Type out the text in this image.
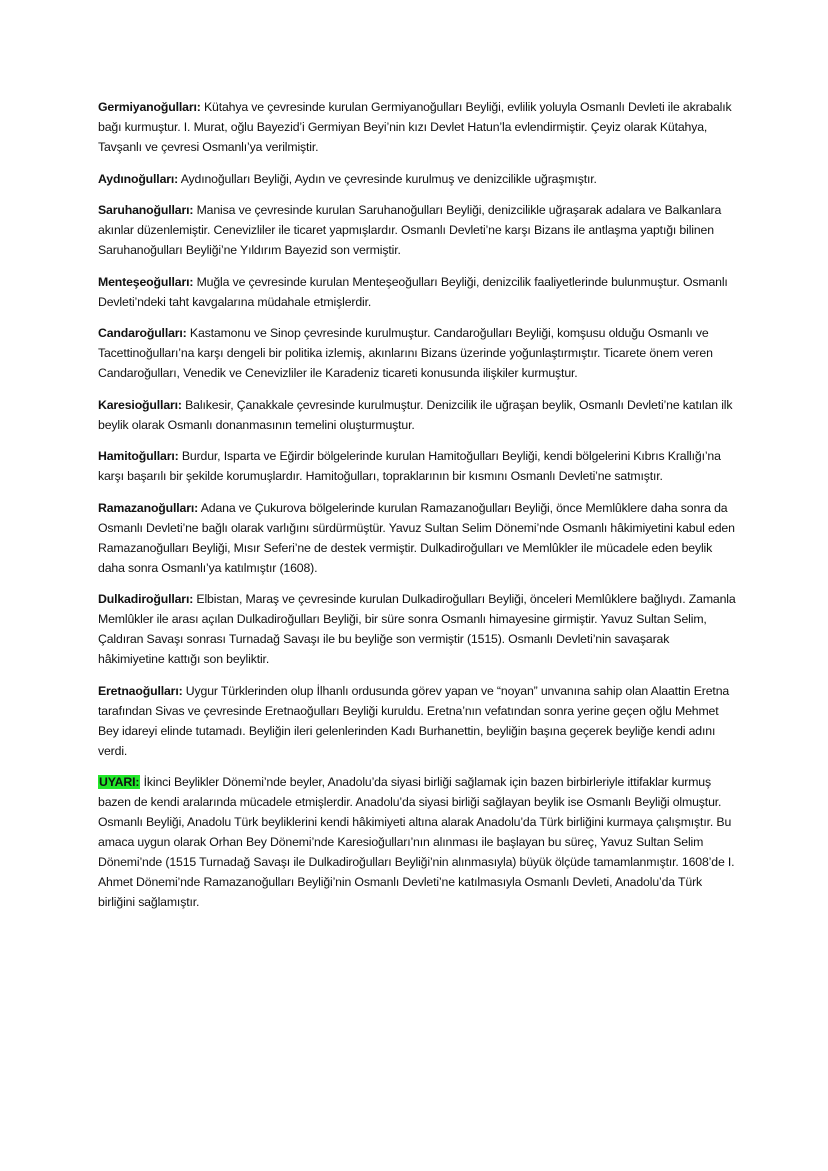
Germiyanoğulları: Kütahya ve çevresinde kurulan Germiyanoğulları Beyliği, evlilik yoluyla Osmanlı Devleti ile akrabalık bağı kurmuştur. I. Murat, oğlu Bayezid’i Germiyan Beyi’nin kızı Devlet Hatun’la evlendirmiştir. Çeyiz olarak Kütahya, Tavşanlı ve çevresi Osmanlı’ya verilmiştir.

Aydınoğulları: Aydınoğulları Beyliği, Aydın ve çevresinde kurulmuş ve denizcilikle uğraşmıştır.

Saruhanoğulları: Manisa ve çevresinde kurulan Saruhanoğulları Beyliği, denizcilikle uğraşarak adalara ve Balkanlara akınlar düzenlemiştir. Cenevizliler ile ticaret yapmışlardır. Osmanlı Devleti’ne karşı Bizans ile antlaşma yaptığı bilinen Saruhanoğulları Beyliği’ne Yıldırım Bayezid son vermiştir.

Menteşeoğulları: Muğla ve çevresinde kurulan Menteşeoğulları Beyliği, denizcilik faaliyetlerinde bulunmuştur. Osmanlı Devleti’ndeki taht kavgalarına müdahale etmişlerdir.

Candaroğulları: Kastamonu ve Sinop çevresinde kurulmuştur. Candaroğulları Beyliği, komşusu olduğu Osmanlı ve Tacettinoğulları’na karşı dengeli bir politika izlemiş, akınlarını Bizans üzerinde yoğunlaştırmıştır. Ticarete önem veren Candaroğulları, Venedik ve Cenevizliler ile Karadeniz ticareti konusunda ilişkiler kurmuştur.

Karesioğulları: Balıkesir, Çanakkale çevresinde kurulmuştur. Denizcilik ile uğraşan beylik, Osmanlı Devleti’ne katılan ilk beylik olarak Osmanlı donanmasının temelini oluşturmuştur.

Hamitoğulları: Burdur, Isparta ve Eğirdir bölgelerinde kurulan Hamitoğulları Beyliği, kendi bölgelerini Kıbrıs Krallığı’na karşı başarılı bir şekilde korumuşlardır. Hamitoğulları, topraklarının bir kısmını Osmanlı Devleti’ne satmıştır.

Ramazanoğulları: Adana ve Çukurova bölgelerinde kurulan Ramazanoğulları Beyliği, önce Memlûklere daha sonra da Osmanlı Devleti’ne bağlı olarak varlığını sürdürmüştür. Yavuz Sultan Selim Dönemi’nde Osmanlı hâkimiyetini kabul eden Ramazanoğulları Beyliği, Mısır Seferi’ne de destek vermiştir. Dulkadiroğulları ve Memlûkler ile mücadele eden beylik daha sonra Osmanlı’ya katılmıştır (1608).

Dulkadiroğulları: Elbistan, Maraş ve çevresinde kurulan Dulkadiroğulları Beyliği, önceleri Memlûklere bağlıydı. Zamanla Memlûkler ile arası açılan Dulkadiroğulları Beyliği, bir süre sonra Osmanlı himayesine girmiştir. Yavuz Sultan Selim, Çaldıran Savaşı sonrası Turnadağ Savaşı ile bu beyliğe son vermiştir (1515). Osmanlı Devleti’nin savaşarak hâkimiyetine kattığı son beyliktir.

Eretnaoğulları: Uygur Türklerinden olup İlhanlı ordusunda görev yapan ve “noyan” unvanına sahip olan Alaattin Eretna tarafından Sivas ve çevresinde Eretnaoğulları Beyliği kuruldu. Eretna’nın vefatından sonra yerine geçen oğlu Mehmet Bey idareyi elinde tutamadı. Beyliğin ileri gelenlerinden Kadı Burhanettin, beyliğin başına geçerek beyliğe kendi adını verdi.

UYARI: İkinci Beylikler Dönemi’nde beyler, Anadolu’da siyasi birliği sağlamak için bazen birbirleriyle ittifaklar kurmuş bazen de kendi aralarında mücadele etmişlerdir. Anadolu’da siyasi birliği sağlayan beylik ise Osmanlı Beyliği olmuştur. Osmanlı Beyliği, Anadolu Türk beyliklerini kendi hâkimiyeti altına alarak Anadolu’da Türk birliğini kurmaya çalışmıştır. Bu amaca uygun olarak Orhan Bey Dönemi’nde Karesioğulları’nın alınması ile başlayan bu süreç, Yavuz Sultan Selim Dönemi’nde (1515 Turnadağ Savaşı ile Dulkadiroğulları Beyliği’nin alınmasıyla) büyük ölçüde tamamlanmıştır. 1608’de I. Ahmet Dönemi’nde Ramazanoğulları Beyliği’nin Osmanlı Devleti’ne katılmasıyla Osmanlı Devleti, Anadolu’da Türk birliğini sağlamıştır.
